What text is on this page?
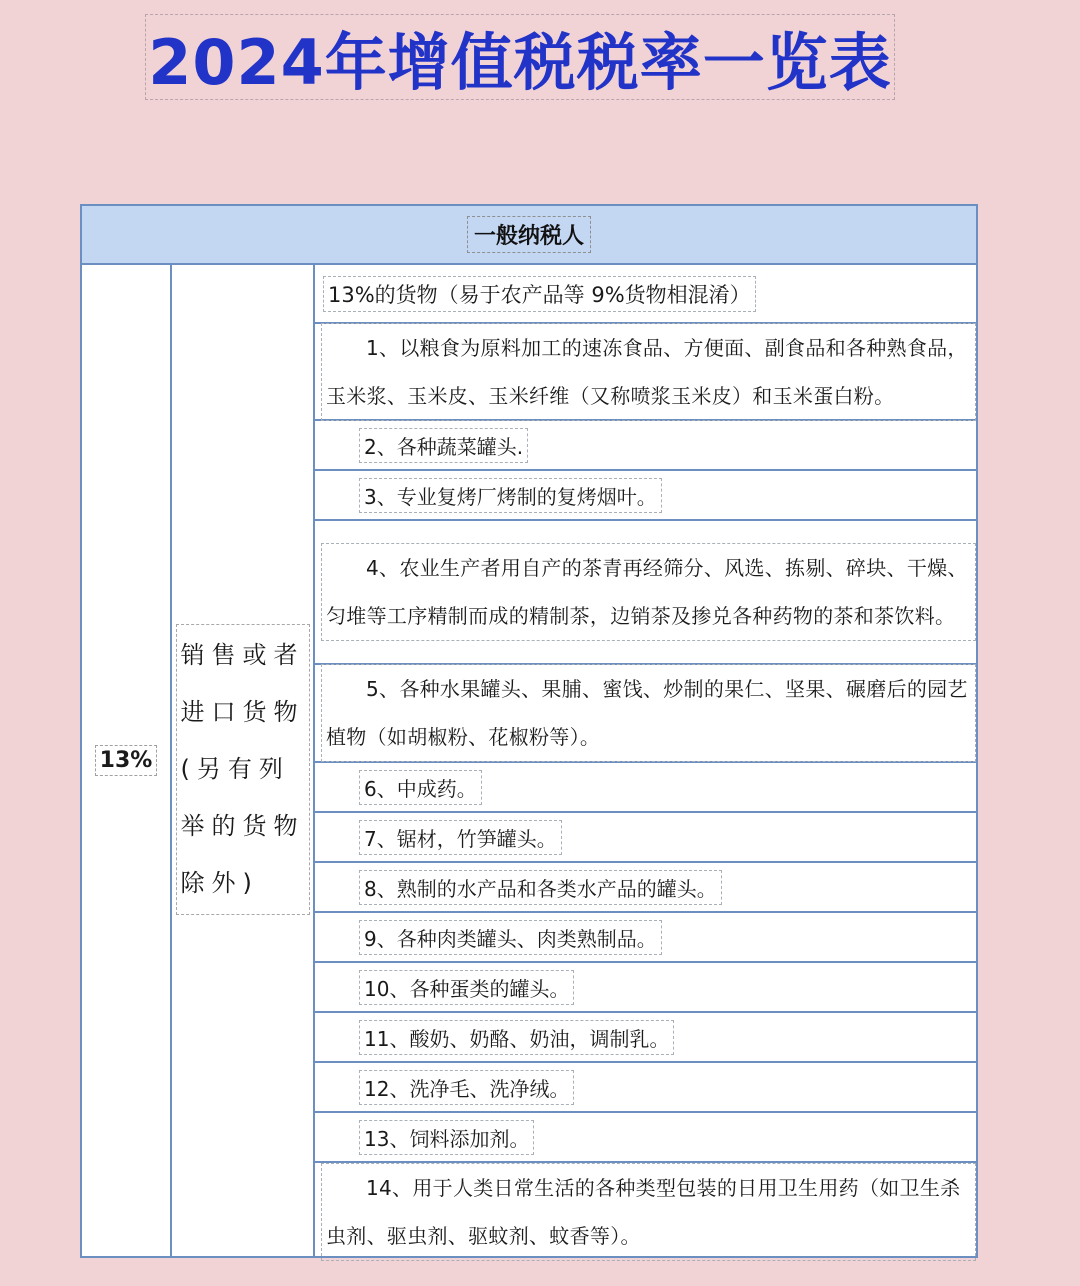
2024年增值税税率一览表
一般纳税人
13%
销售或者进口货物(另有列举的货物除外)
13%的货物（易于农产品等 9%货物相混淆）
1、以粮食为原料加工的速冻食品、方便面、副食品和各种熟食品，玉米浆、玉米皮、玉米纤维（又称喷浆玉米皮）和玉米蛋白粉。
2、各种蔬菜罐头.
3、专业复烤厂烤制的复烤烟叶。
4、农业生产者用自产的茶青再经筛分、风选、拣剔、碎块、干燥、匀堆等工序精制而成的精制茶，边销茶及掺兑各种药物的茶和茶饮料。
5、各种水果罐头、果脯、蜜饯、炒制的果仁、坚果、碾磨后的园艺植物（如胡椒粉、花椒粉等）。
6、中成药。
7、锯材，竹笋罐头。
8、熟制的水产品和各类水产品的罐头。
9、各种肉类罐头、肉类熟制品。
10、各种蛋类的罐头。
11、酸奶、奶酪、奶油，调制乳。
12、洗净毛、洗净绒。
13、饲料添加剂。
14、用于人类日常生活的各种类型包装的日用卫生用药（如卫生杀虫剂、驱虫剂、驱蚊剂、蚊香等）。
